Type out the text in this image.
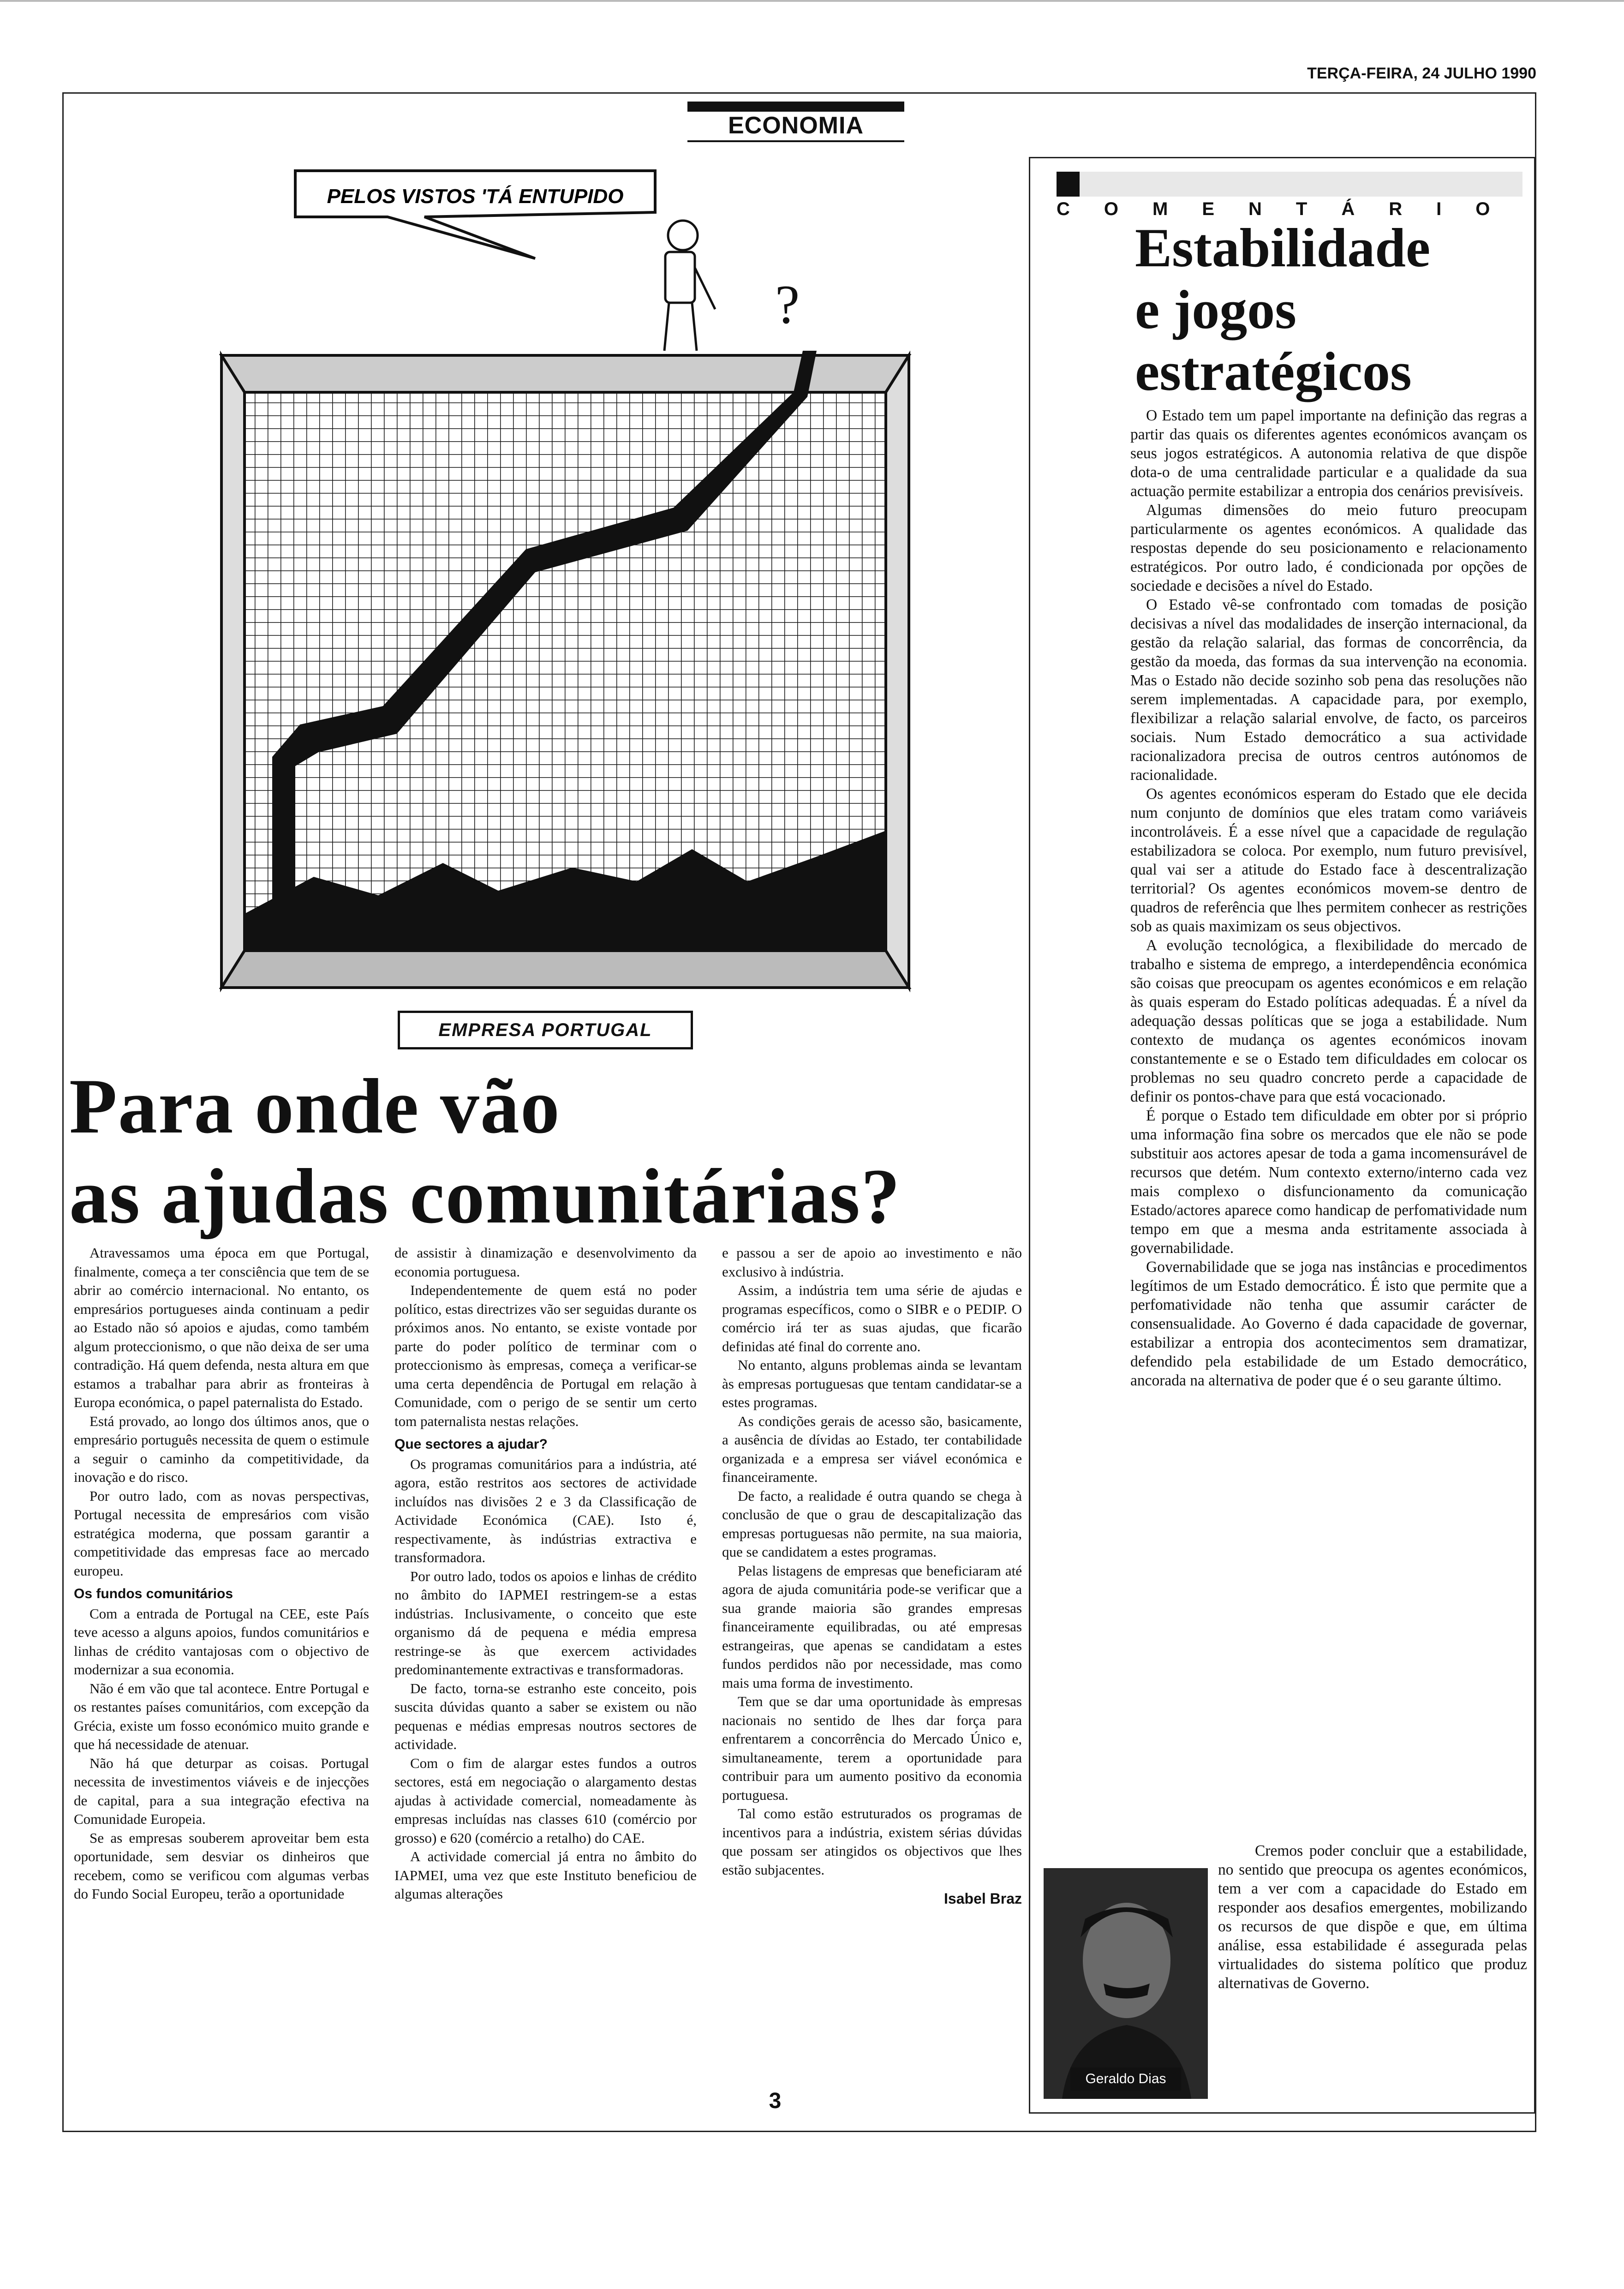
TERÇA-FEIRA, 24 JULHO 1990
ECONOMIA
PELOS VISTOS 'TÁ ENTUPIDO
?
EMPRESA PORTUGAL
Para onde vão
as ajudas comunitárias?

Atravessamos uma época em que Portugal, finalmente, começa a ter consciência que tem de se abrir ao comércio internacional. No entanto, os empresários portugueses ainda continuam a pedir ao Estado não só apoios e ajudas, como também algum proteccionismo, o que não deixa de ser uma contradição. Há quem defenda, nesta altura em que estamos a trabalhar para abrir as fronteiras à Europa económica, o papel paternalista do Estado.

Está provado, ao longo dos últimos anos, que o empresário português necessita de quem o estimule a seguir o caminho da competitividade, da inovação e do risco.

Por outro lado, com as novas perspectivas, Portugal necessita de empresários com visão estratégica moderna, que possam garantir a competitividade das empresas face ao mercado europeu.

Os fundos comunitários

Com a entrada de Portugal na CEE, este País teve acesso a alguns apoios, fundos comunitários e linhas de crédito vantajosas com o objectivo de modernizar a sua economia.

Não é em vão que tal acontece. Entre Portugal e os restantes países comunitários, com excepção da Grécia, existe um fosso económico muito grande e que há necessidade de atenuar.

Não há que deturpar as coisas. Portugal necessita de investimentos viáveis e de injecções de capital, para a sua integração efectiva na Comunidade Europeia.

Se as empresas souberem aproveitar bem esta oportunidade, sem desviar os dinheiros que recebem, como se verificou com algumas verbas do Fundo Social Europeu, terão a oportunidade

de assistir à dinamização e desenvolvimento da economia portuguesa.

Independentemente de quem está no poder político, estas directrizes vão ser seguidas durante os próximos anos. No entanto, se existe vontade por parte do poder político de terminar com o proteccionismo às empresas, começa a verificar-se uma certa dependência de Portugal em relação à Comunidade, com o perigo de se sentir um certo tom paternalista nestas relações.

Que sectores a ajudar?

Os programas comunitários para a indústria, até agora, estão restritos aos sectores de actividade incluídos nas divisões 2 e 3 da Classificação de Actividade Económica (CAE). Isto é, respectivamente, às indústrias extractiva e transformadora.

Por outro lado, todos os apoios e linhas de crédito no âmbito do IAPMEI restringem-se a estas indústrias. Inclusivamente, o conceito que este organismo dá de pequena e média empresa restringe-se às que exercem actividades predominantemente extractivas e transformadoras.

De facto, torna-se estranho este conceito, pois suscita dúvidas quanto a saber se existem ou não pequenas e médias empresas noutros sectores de actividade.

Com o fim de alargar estes fundos a outros sectores, está em negociação o alargamento destas ajudas à actividade comercial, nomeadamente às empresas incluídas nas classes 610 (comércio por grosso) e 620 (comércio a retalho) do CAE.

A actividade comercial já entra no âmbito do IAPMEI, uma vez que este Instituto beneficiou de algumas alterações

e passou a ser de apoio ao investimento e não exclusivo à indústria.

Assim, a indústria tem uma série de ajudas e programas específicos, como o SIBR e o PEDIP. O comércio irá ter as suas ajudas, que ficarão definidas até final do corrente ano.

No entanto, alguns problemas ainda se levantam às empresas portuguesas que tentam candidatar-se a estes programas.

As condições gerais de acesso são, basicamente, a ausência de dívidas ao Estado, ter contabilidade organizada e a empresa ser viável económica e financeiramente.

De facto, a realidade é outra quando se chega à conclusão de que o grau de descapitalização das empresas portuguesas não permite, na sua maioria, que se candidatem a estes programas.

Pelas listagens de empresas que beneficiaram até agora de ajuda comunitária pode-se verificar que a sua grande maioria são grandes empresas financeiramente equilibradas, ou até empresas estrangeiras, que apenas se candidatam a estes fundos perdidos não por necessidade, mas como mais uma forma de investimento.

Tem que se dar uma oportunidade às empresas nacionais no sentido de lhes dar força para enfrentarem a concorrência do Mercado Único e, simultaneamente, terem a oportunidade para contribuir para um aumento positivo da economia portuguesa.

Tal como estão estruturados os programas de incentivos para a indústria, existem sérias dúvidas que possam ser atingidos os objectivos que lhes estão subjacentes.

Isabel Braz
COMENTÁRIO
Estabilidade
e jogos
estratégicos

O Estado tem um papel importante na definição das regras a partir das quais os diferentes agentes económicos avançam os seus jogos estratégicos. A autonomia relativa de que dispõe dota-o de uma centralidade particular e a qualidade da sua actuação permite estabilizar a entropia dos cenários previsíveis.

Algumas dimensões do meio futuro preocupam particularmente os agentes económicos. A qualidade das respostas depende do seu posicionamento e relacionamento estratégicos. Por outro lado, é condicionada por opções de sociedade e decisões a nível do Estado.

O Estado vê-se confrontado com tomadas de posição decisivas a nível das modalidades de inserção internacional, da gestão da relação salarial, das formas de concorrência, da gestão da moeda, das formas da sua intervenção na economia. Mas o Estado não decide sozinho sob pena das resoluções não serem implementadas. A capacidade para, por exemplo, flexibilizar a relação salarial envolve, de facto, os parceiros sociais. Num Estado democrático a sua actividade racionalizadora precisa de outros centros autónomos de racionalidade.

Os agentes económicos esperam do Estado que ele decida num conjunto de domínios que eles tratam como variáveis incontroláveis. É a esse nível que a capacidade de regulação estabilizadora se coloca. Por exemplo, num futuro previsível, qual vai ser a atitude do Estado face à descentralização territorial? Os agentes económicos movem-se dentro de quadros de referência que lhes permitem conhecer as restrições sob as quais maximizam os seus objectivos.

A evolução tecnológica, a flexibilidade do mercado de trabalho e sistema de emprego, a interdependência económica são coisas que preocupam os agentes económicos e em relação às quais esperam do Estado políticas adequadas. É a nível da adequação dessas políticas que se joga a estabilidade. Num contexto de mudança os agentes económicos inovam constantemente e se o Estado tem dificuldades em colocar os problemas no seu quadro concreto perde a capacidade de definir os pontos-chave para que está vocacionado.

É porque o Estado tem dificuldade em obter por si próprio uma informação fina sobre os mercados que ele não se pode substituir aos actores apesar de toda a gama incomensurável de recursos que detém. Num contexto externo/interno cada vez mais complexo o disfuncionamento da comunicação Estado/actores aparece como handicap de perfomatividade num tempo em que a mesma anda estritamente associada à governabilidade.

Governabilidade que se joga nas instâncias e procedimentos legítimos de um Estado democrático. É isto que permite que a perfomatividade não tenha que assumir carácter de consensualidade. Ao Governo é dada capacidade de governar, estabilizar a entropia dos acontecimentos sem dramatizar, defendido pela estabilidade de um Estado democrático, ancorada na alternativa de poder que é o seu garante último.

Cremos poder concluir que a estabilidade, no sentido que preocupa os agentes económicos, tem a ver com a capacidade do Estado em responder aos desafios emergentes, mobilizando os recursos de que dispõe e que, em última análise, essa estabilidade é assegurada pelas virtualidades do sistema político que produz alternativas de Governo.

Geraldo Dias
3
